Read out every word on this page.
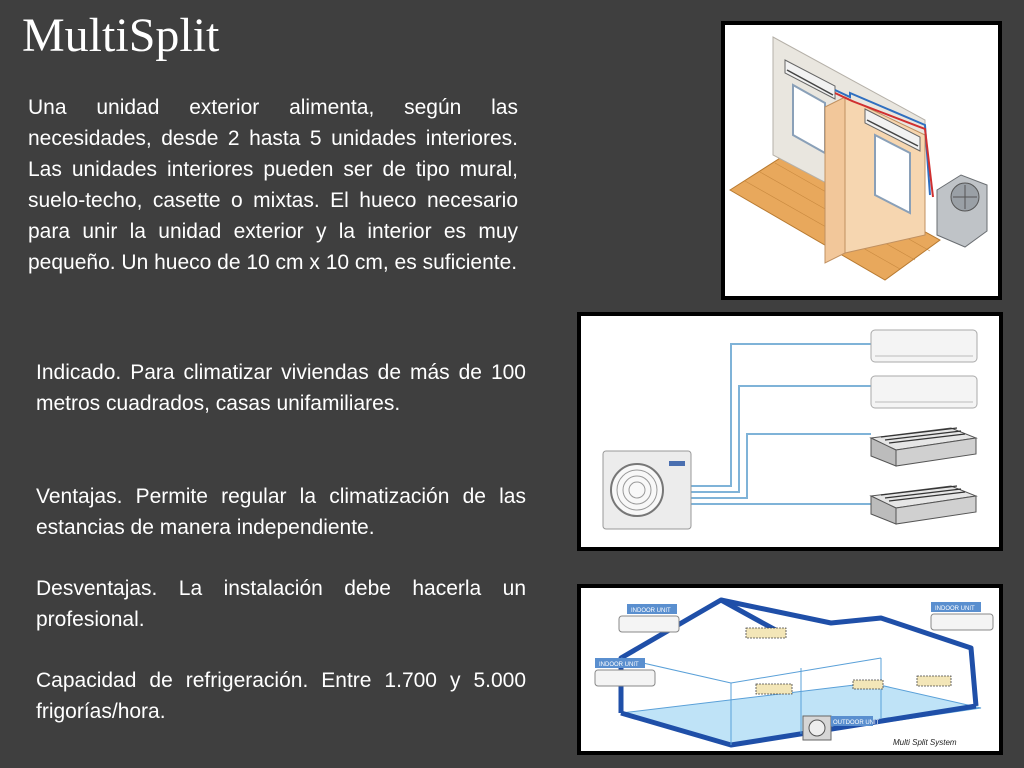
MultiSplit

Una unidad exterior alimenta, según las necesidades, desde 2 hasta 5 unidades interiores. Las unidades interiores pueden ser de tipo mural, suelo-techo, casette o mixtas. El hueco necesario para unir la unidad exterior y la interior es muy pequeño. Un hueco de 10 cm x 10 cm, es suficiente.

Indicado. Para climatizar viviendas de más de 100 metros cuadrados, casas unifamiliares.

Ventajas. Permite regular la climatización de las estancias de manera independiente.

Desventajas. La instalación debe hacerla un profesional.

Capacidad de refrigeración. Entre 1.700 y 5.000 frigorías/hora.

INDOOR UNIT
INDOOR UNIT
INDOOR UNIT
OUTDOOR UNIT
Multi Split System
